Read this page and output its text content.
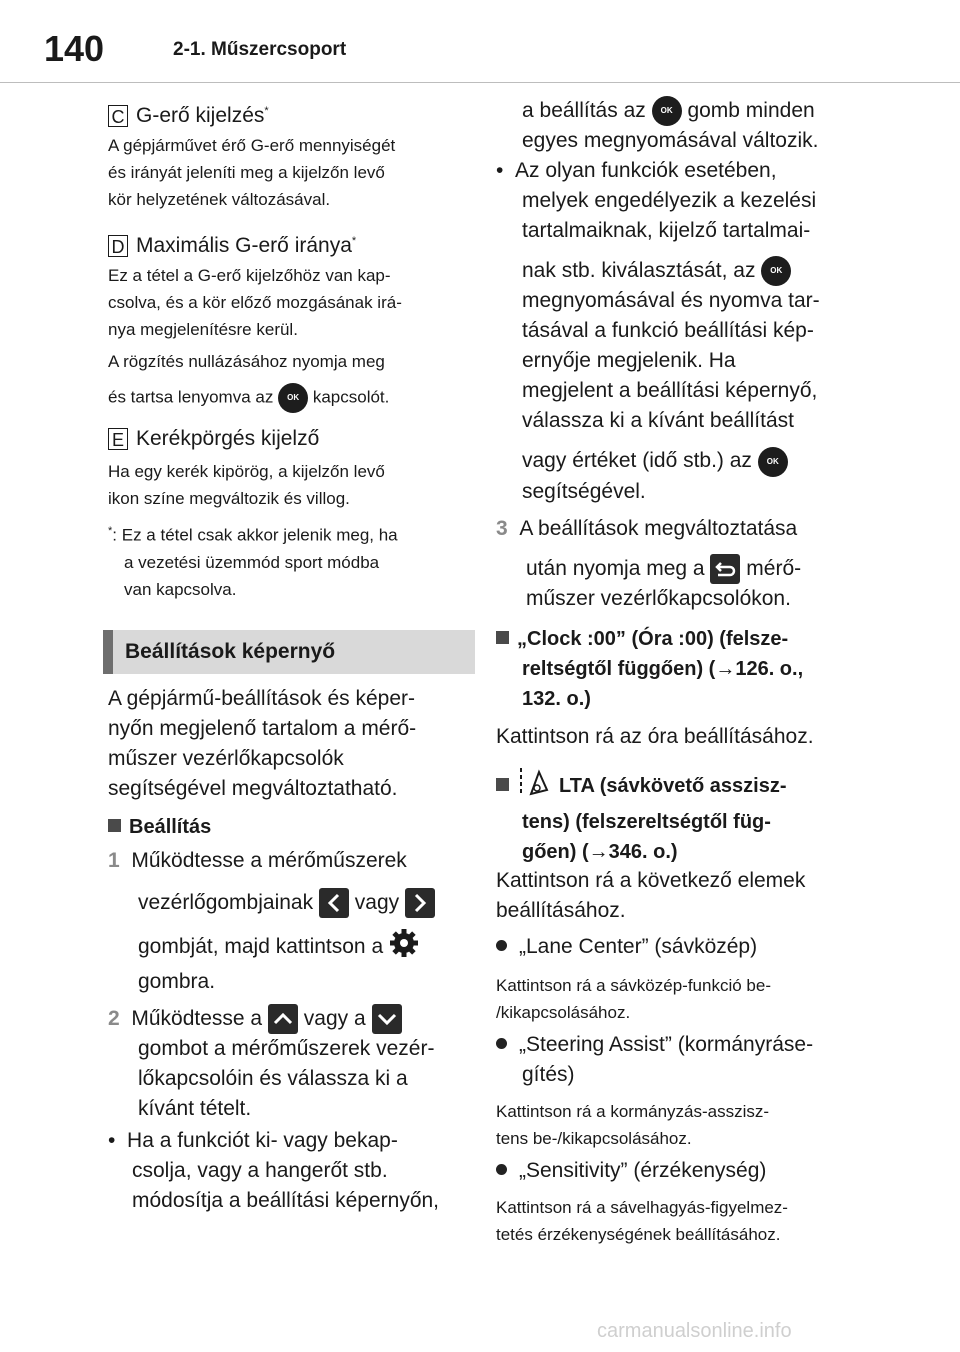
140	2-1. Műszercsoport
C G-erő kijelzés*
A gépjárművet érő G-erő mennyiségét
és irányát jeleníti meg a kijelzőn levő
kör helyzetének változásával.
D Maximális G-erő iránya*
Ez a tétel a G-erő kijelzőhöz van kap-
csolva, és a kör előző mozgásának irá-
nya megjelenítésre kerül.
A rögzítés nullázásához nyomja meg
és tartsa lenyomva az OK kapcsolót.
E Kerékpörgés kijelző
Ha egy kerék kipörög, a kijelzőn levő
ikon színe megváltozik és villog.
*: Ez a tétel csak akkor jelenik meg, ha
a vezetési üzemmód sport módba
van kapcsolva.
Beállítások képernyő
A gépjármű-beállítások és képer-
nyőn megjelenő tartalom a mérő-
műszer vezérlőkapcsolók
segítségével megváltoztatható.
Beállítás
1 Működtesse a mérőműszerek
vezérlőgombjainak vagy
gombját, majd kattintson a
gombra.
2 Működtesse a vagy a
gombot a mérőműszerek vezér-
lőkapcsolóin és válassza ki a
kívánt tételt.
• Ha a funkciót ki- vagy bekap-
csolja, vagy a hangerőt stb.
módosítja a beállítási képernyőn,
a beállítás az OK gomb minden
egyes megnyomásával változik.
• Az olyan funkciók esetében,
melyek engedélyezik a kezelési
tartalmaiknak, kijelző tartalmai-
nak stb. kiválasztását, az OK
megnyomásával és nyomva tar-
tásával a funkció beállítási kép-
ernyője megjelenik. Ha
megjelent a beállítási képernyő,
válassza ki a kívánt beállítást
vagy értéket (idő stb.) az OK
segítségével.
3 A beállítások megváltoztatása
után nyomja meg a mérő-
műszer vezérlőkapcsolókon.
„Clock :00” (Óra :00) (felsze-
reltségtől függően) (→126. o.,
132. o.)
Kattintson rá az óra beállításához.
LTA (sávkövető asszisz-
tens) (felszereltségtől füg-
gően) (→346. o.)
Kattintson rá a következő elemek
beállításához.
„Lane Center” (sávközép)
Kattintson rá a sávközép-funkció be-
/kikapcsolásához.
„Steering Assist” (kormányráse-
gítés)
Kattintson rá a kormányzás-asszisz-
tens be-/kikapcsolásához.
„Sensitivity” (érzékenység)
Kattintson rá a sávelhagyás-figyelmez-
tetés érzékenységének beállításához.
carmanualsonline.info
